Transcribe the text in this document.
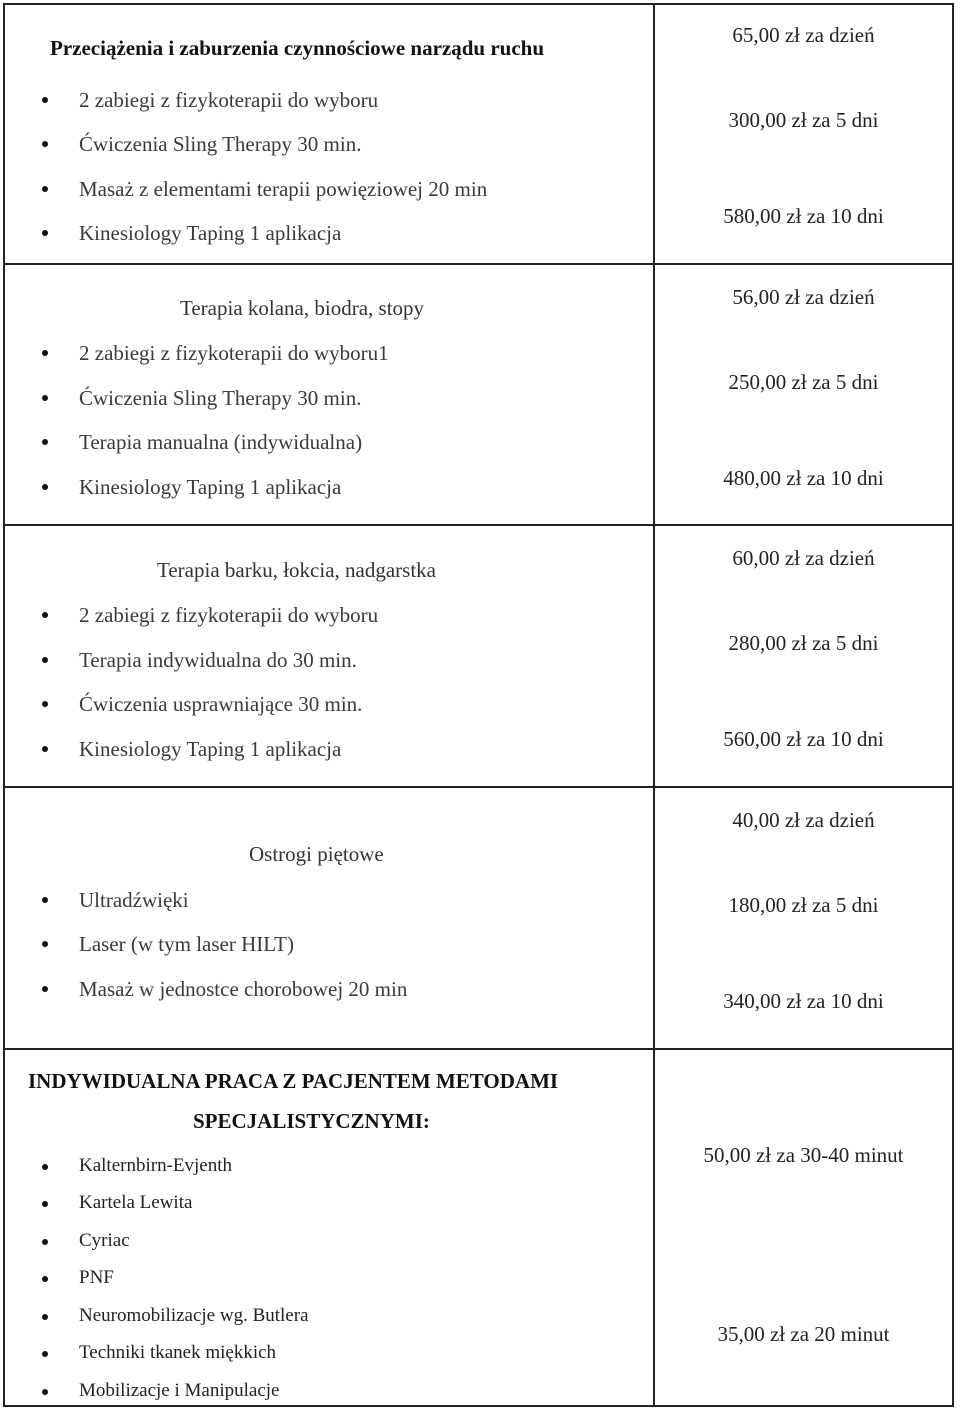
Przeciążenia i zaburzenia czynnościowe narządu ruchu
2 zabiegi z fizykoterapii do wyboru
Ćwiczenia Sling Therapy 30 min.
Masaż z elementami terapii powięziowej 20 min
Kinesiology Taping 1 aplikacja
65,00 zł za dzień
300,00 zł za 5 dni
580,00 zł za 10 dni
Terapia kolana, biodra, stopy
2 zabiegi z fizykoterapii do wyboru1
Ćwiczenia Sling Therapy 30 min.
Terapia manualna (indywidualna)
Kinesiology Taping 1 aplikacja
56,00 zł za dzień
250,00 zł za 5 dni
480,00 zł za 10 dni
Terapia barku, łokcia, nadgarstka
2 zabiegi z fizykoterapii do wyboru
Terapia indywidualna do 30 min.
Ćwiczenia usprawniające 30 min.
Kinesiology Taping 1 aplikacja
60,00 zł za dzień
280,00 zł za 5 dni
560,00 zł za 10 dni
Ostrogi piętowe
Ultradźwięki
Laser (w tym laser HILT)
Masaż w jednostce chorobowej 20 min
40,00 zł za dzień
180,00 zł za 5 dni
340,00 zł za 10 dni
INDYWIDUALNA PRACA Z PACJENTEM METODAMI
SPECJALISTYCZNYMI:
Kalternbirn-Evjenth
Kartela Lewita
Cyriac
PNF
Neuromobilizacje wg. Butlera
Techniki tkanek miękkich
Mobilizacje i Manipulacje
50,00 zł za 30-40 minut
35,00 zł za 20 minut
